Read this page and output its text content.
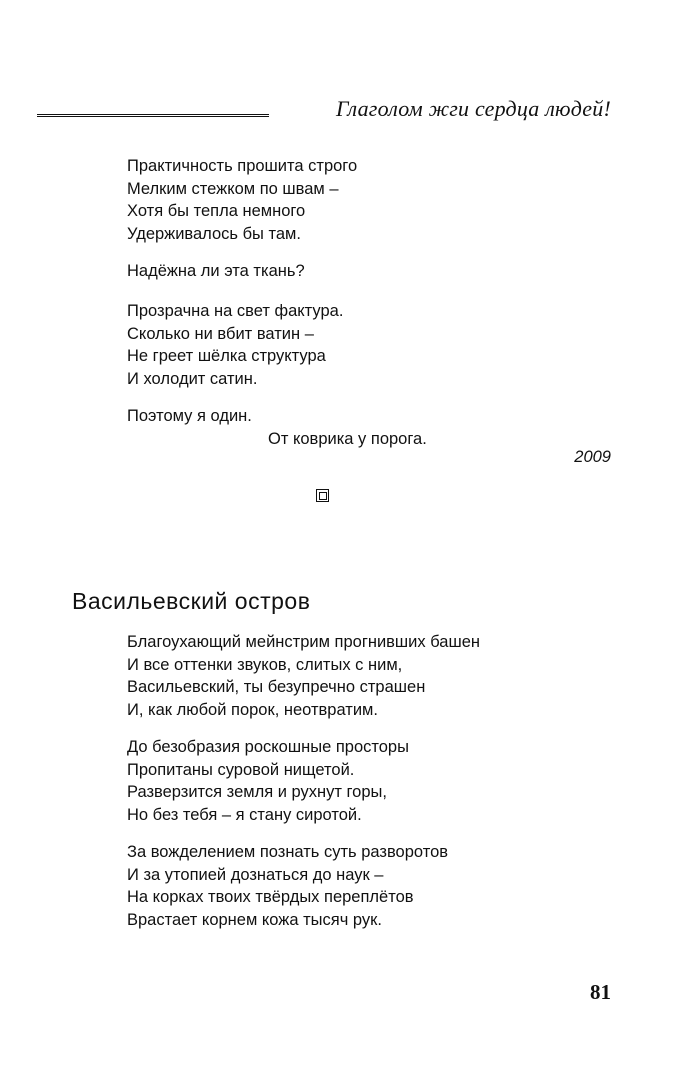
Глаголом жги сердца людей!
Практичность прошита строго
Мелким стежком по швам –
Хотя бы тепла немного
Удерживалось бы там.
Надёжна ли эта ткань?
Прозрачна на свет фактура.
Сколько ни вбит ватин –
Не греет шёлка структура
И холодит сатин.
Поэтому я один.
От коврика у порога.
2009
Васильевский остров
Благоухающий мейнстрим прогнивших башен
И все оттенки звуков, слитых с ним,
Васильевский, ты безупречно страшен
И, как любой порок, неотвратим.
До безобразия роскошные просторы
Пропитаны суровой нищетой.
Разверзится земля и рухнут горы,
Но без тебя – я стану сиротой.
За вожделением познать суть разворотов
И за утопией дознаться до наук –
На корках твоих твёрдых переплётов
Врастает корнем кожа тысяч рук.
81
